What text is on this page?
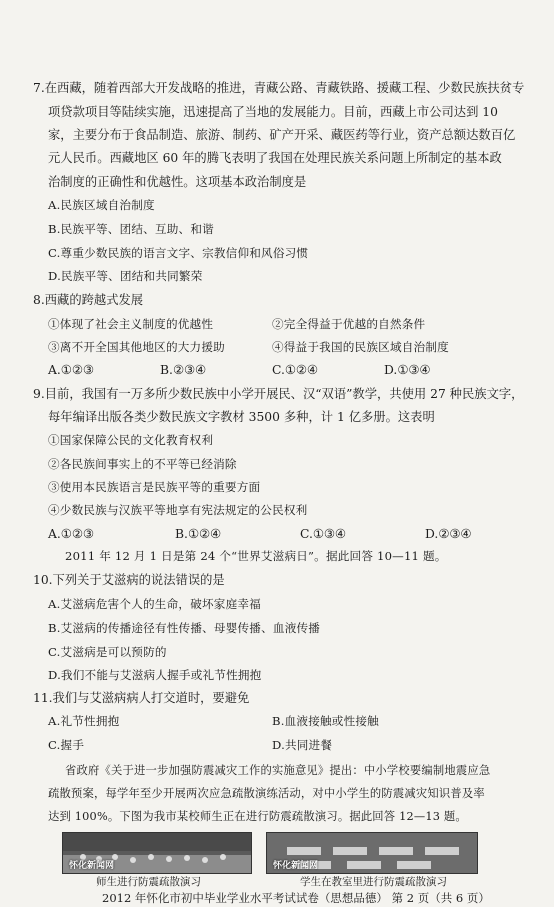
7.在西藏，随着西部大开发战略的推进，青藏公路、青藏铁路、援藏工程、少数民族扶贫专
项贷款项目等陆续实施，迅速提高了当地的发展能力。目前，西藏上市公司达到 10
家，主要分布于食品制造、旅游、制药、矿产开采、藏医药等行业，资产总额达数百亿
元人民币。西藏地区 60 年的腾飞表明了我国在处理民族关系问题上所制定的基本政
治制度的正确性和优越性。这项基本政治制度是
A.民族区域自治制度
B.民族平等、团结、互助、和谐
C.尊重少数民族的语言文字、宗教信仰和风俗习惯
D.民族平等、团结和共同繁荣
8.西藏的跨越式发展
①体现了社会主义制度的优越性	②完全得益于优越的自然条件
③离不开全国其他地区的大力援助	④得益于我国的民族区域自治制度
A.①②③	B.②③④	C.①②④	D.①③④
9.目前，我国有一万多所少数民族中小学开展民、汉“双语”教学，共使用 27 种民族文字，
每年编译出版各类少数民族文字教材 3500 多种，计 1 亿多册。这表明
①国家保障公民的文化教育权利
②各民族间事实上的不平等已经消除
③使用本民族语言是民族平等的重要方面
④少数民族与汉族平等地享有宪法规定的公民权利
A.①②③	B.①②④	C.①③④	D.②③④
2011 年 12 月 1 日是第 24 个“世界艾滋病日”。据此回答 10—11 题。
10.下列关于艾滋病的说法错误的是
A.艾滋病危害个人的生命，破坏家庭幸福
B.艾滋病的传播途径有性传播、母婴传播、血液传播
C.艾滋病是可以预防的
D.我们不能与艾滋病人握手或礼节性拥抱
11.我们与艾滋病病人打交道时，要避免
A.礼节性拥抱	B.血液接触或性接触
C.握手	D.共同进餐
省政府《关于进一步加强防震减灾工作的实施意见》提出：中小学校要编制地震应急
疏散预案，每学年至少开展两次应急疏散演练活动，对中小学生的防震减灾知识普及率
达到 100%。下图为我市某校师生正在进行防震疏散演习。据此回答 12—13 题。
怀化新闻网	怀化新闻网
师生进行防震疏散演习	学生在教室里进行防震疏散演习
2012 年怀化市初中毕业学业水平考试试卷（思想品德） 第 2 页（共 6 页）
